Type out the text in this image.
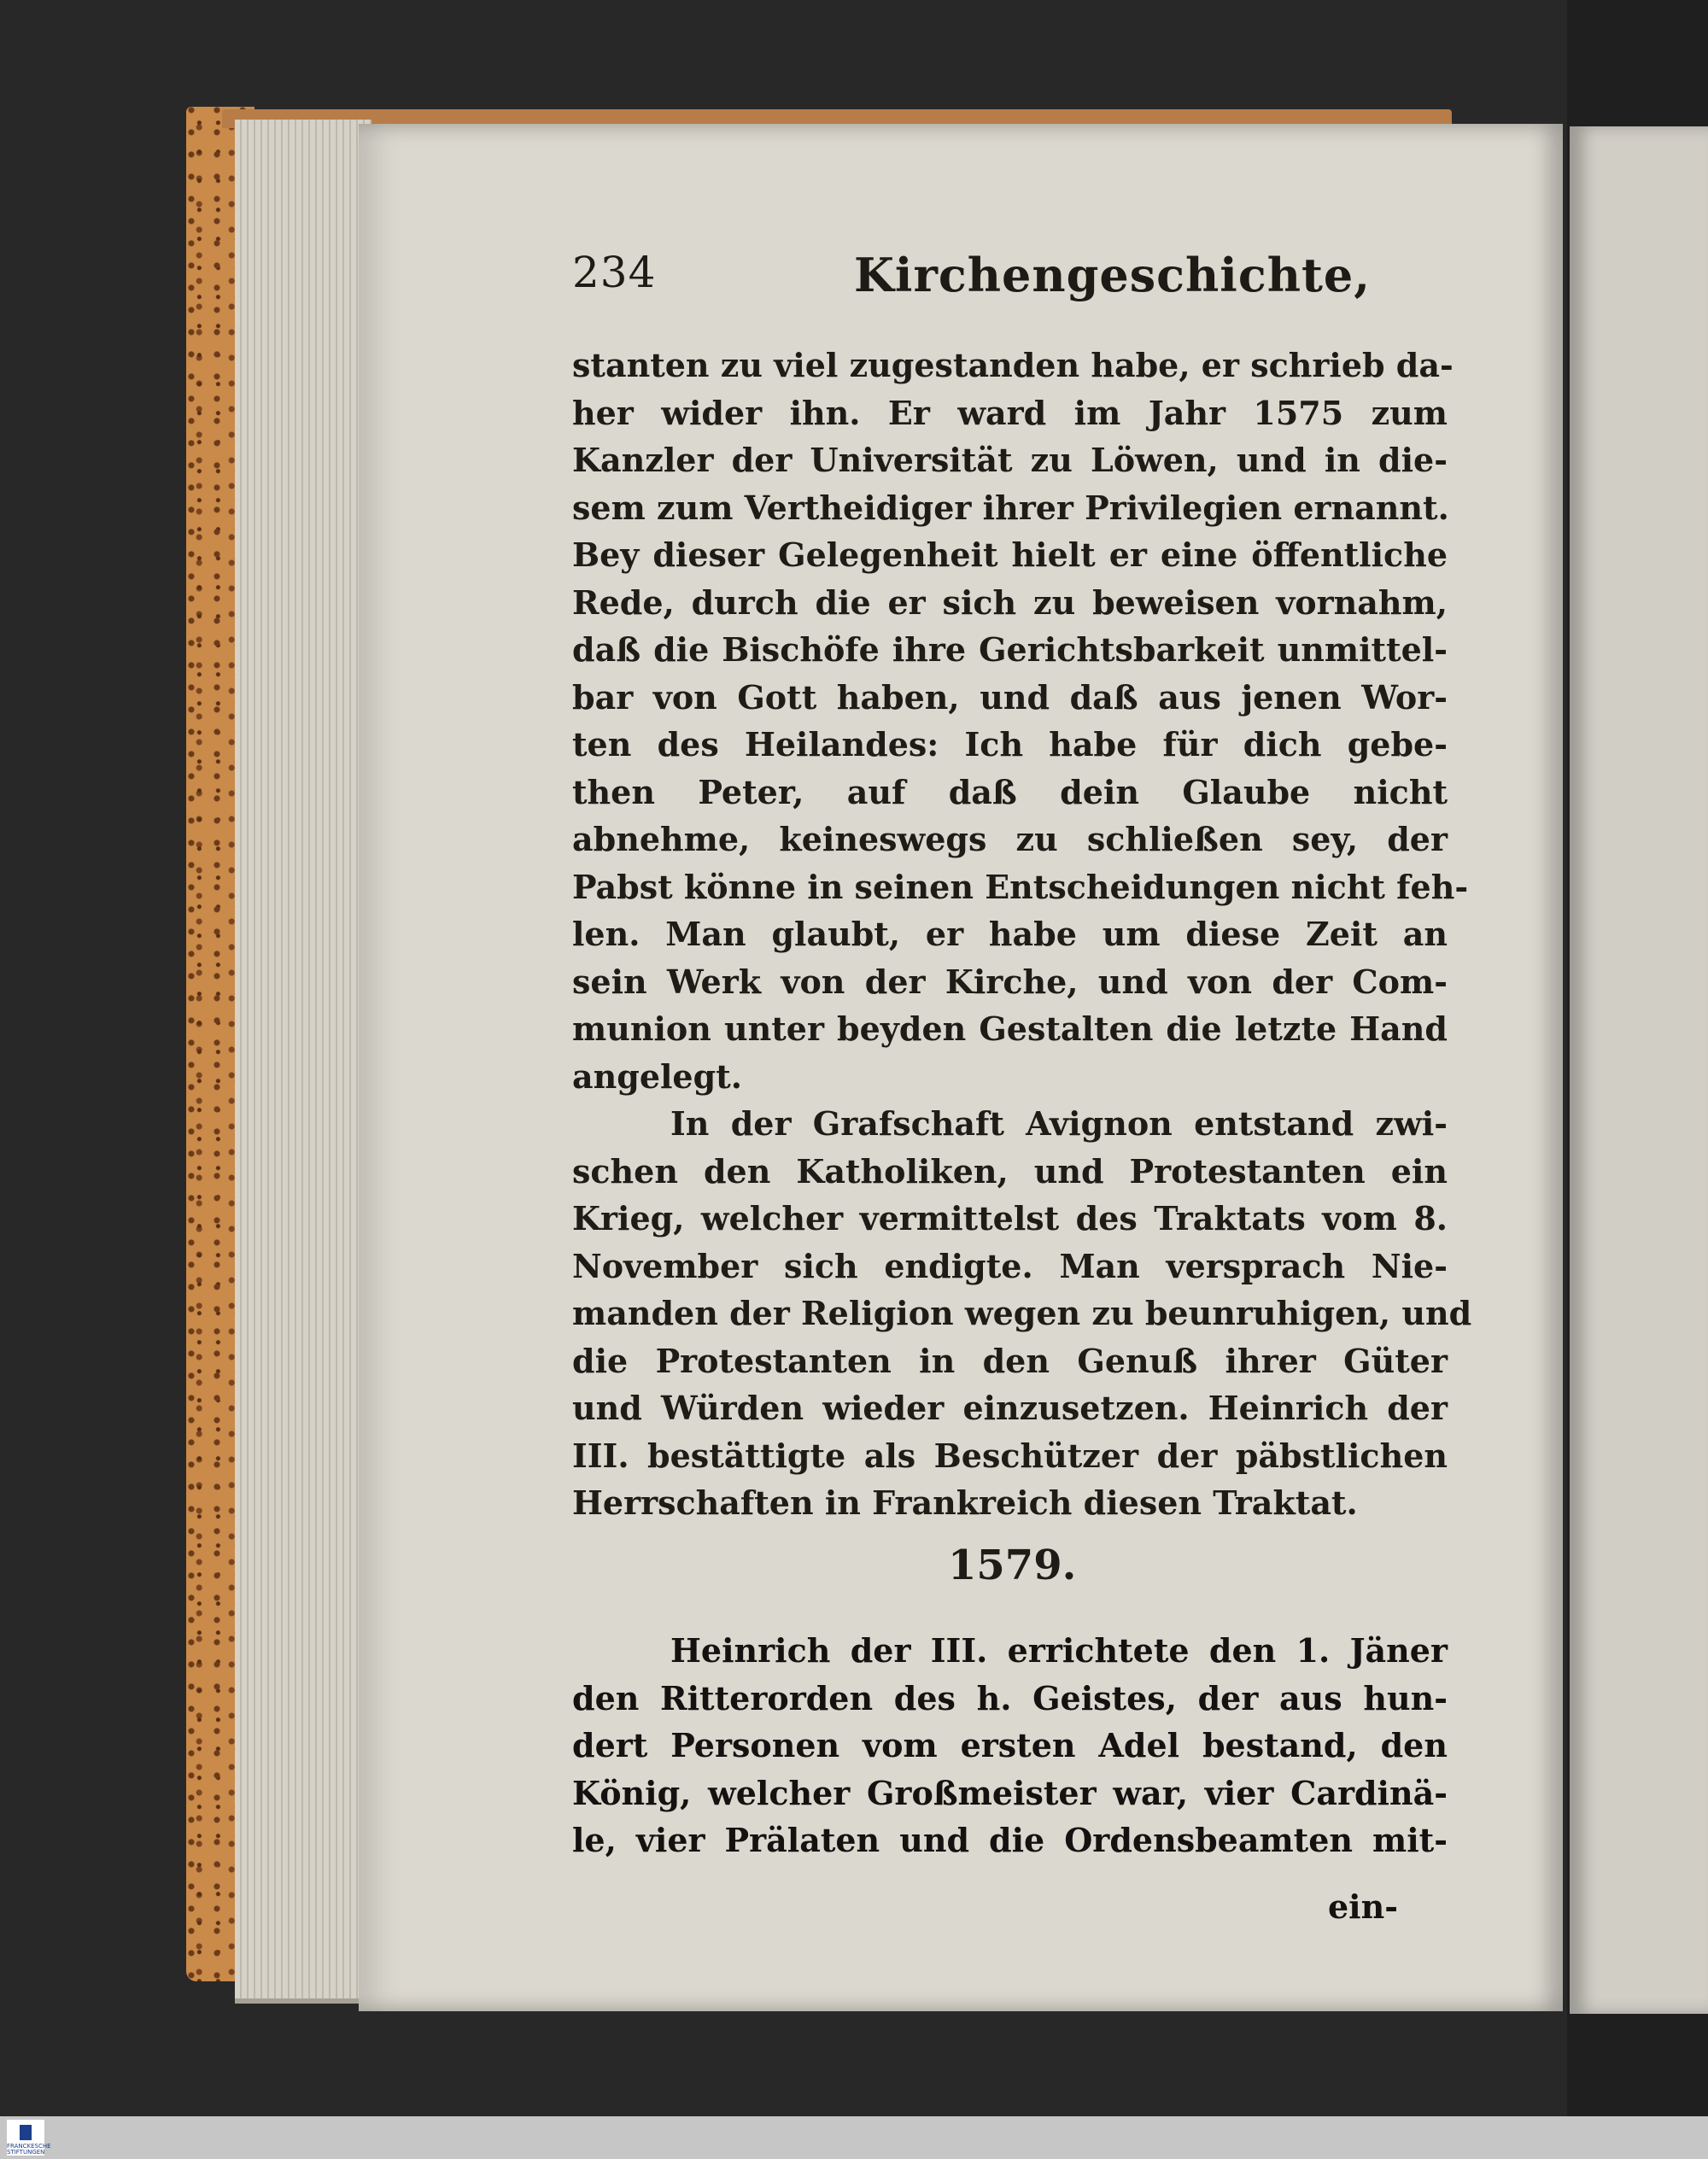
234	Kirchengeschichte,
stanten zu viel zugestanden habe, er schrieb da-
her wider ihn. Er ward im Jahr 1575 zum
Kanzler der Universität zu Löwen, und in die-
sem zum Vertheidiger ihrer Privilegien ernannt.
Bey dieser Gelegenheit hielt er eine öffentliche
Rede, durch die er sich zu beweisen vornahm,
daß die Bischöfe ihre Gerichtsbarkeit unmittel-
bar von Gott haben, und daß aus jenen Wor-
ten des Heilandes: Ich habe für dich gebe-
then Peter, auf daß dein Glaube nicht
abnehme, keineswegs zu schließen sey, der
Pabst könne in seinen Entscheidungen nicht feh-
len. Man glaubt, er habe um diese Zeit an
sein Werk von der Kirche, und von der Com-
munion unter beyden Gestalten die letzte Hand
angelegt.
In der Grafschaft Avignon entstand zwi-
schen den Katholiken, und Protestanten ein
Krieg, welcher vermittelst des Traktats vom 8.
November sich endigte. Man versprach Nie-
manden der Religion wegen zu beunruhigen, und
die Protestanten in den Genuß ihrer Güter
und Würden wieder einzusetzen. Heinrich der
III. bestättigte als Beschützer der päbstlichen
Herrschaften in Frankreich diesen Traktat.
1579.
Heinrich der III. errichtete den 1. Jäner
den Ritterorden des h. Geistes, der aus hun-
dert Personen vom ersten Adel bestand, den
König, welcher Großmeister war, vier Cardinä-
le, vier Prälaten und die Ordensbeamten mit-
ein-
FRANCKESCHE STIFTUNGEN
